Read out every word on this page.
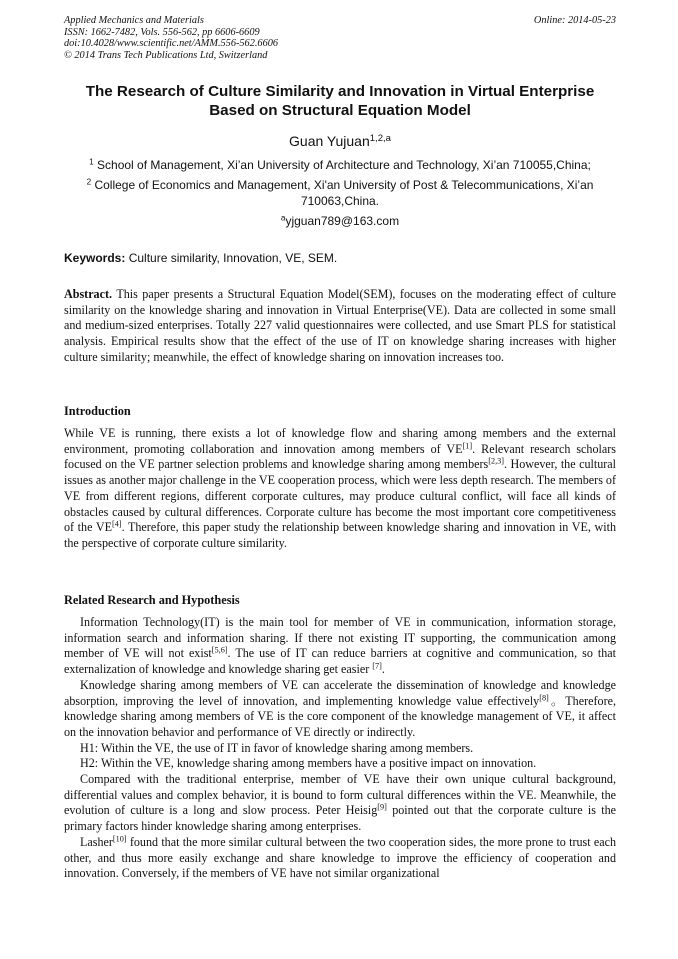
Applied Mechanics and Materials
ISSN: 1662-7482, Vols. 556-562, pp 6606-6609
doi:10.4028/www.scientific.net/AMM.556-562.6606
© 2014 Trans Tech Publications Ltd, Switzerland
Online: 2014-05-23
The Research of Culture Similarity and Innovation in Virtual Enterprise
Based on Structural Equation Model
Guan Yujuan$^{1,2,a}$
$^1$ School of Management, Xi’an University of Architecture and Technology, Xi’an 710055,China;
$^2$ College of Economics and Management, Xi'an University of Post & Telecommunications, Xi’an 710063,China.
$^a$yjguan789@163.com
Keywords: Culture similarity, Innovation, VE, SEM.

Abstract. This paper presents a Structural Equation Model(SEM), focuses on the moderating effect of culture similarity on the knowledge sharing and innovation in Virtual Enterprise(VE). Data are collected in some small and medium-sized enterprises. Totally 227 valid questionnaires were collected, and use Smart PLS for statistical analysis. Empirical results show that the effect of the use of IT on knowledge sharing increases with higher culture similarity; meanwhile, the effect of knowledge sharing on innovation increases too.

Introduction

While VE is running, there exists a lot of knowledge flow and sharing among members and the external environment, promoting collaboration and innovation among members of VE[1]. Relevant research scholars focused on the VE partner selection problems and knowledge sharing among members[2,3]. However, the cultural issues as another major challenge in the VE cooperation process, which were less depth research. The members of VE from different regions, different corporate cultures, may produce cultural conflict, will face all kinds of obstacles caused by cultural differences. Corporate culture has become the most important core competitiveness of the VE[4]. Therefore, this paper study the relationship between knowledge sharing and innovation in VE, with the perspective of corporate culture similarity.

Related Research and Hypothesis

Information Technology(IT) is the main tool for member of VE in communication, information storage, information search and information sharing. If there not existing IT supporting, the communication among member of VE will not exist[5,6]. The use of IT can reduce barriers at cognitive and communication, so that externalization of knowledge and knowledge sharing get easier [7].

Knowledge sharing among members of VE can accelerate the dissemination of knowledge and knowledge absorption, improving the level of innovation, and implementing knowledge value effectively[8]。Therefore, knowledge sharing among members of VE is the core component of the knowledge management of VE, it affect on the innovation behavior and performance of VE directly or indirectly.

H1: Within the VE, the use of IT in favor of knowledge sharing among members.

H2: Within the VE, knowledge sharing among members have a positive impact on innovation.

Compared with the traditional enterprise, member of VE have their own unique cultural background, differential values and complex behavior, it is bound to form cultural differences within the VE. Meanwhile, the evolution of culture is a long and slow process. Peter Heisig[9] pointed out that the corporate culture is the primary factors hinder knowledge sharing among enterprises.

Lasher[10] found that the more similar cultural between the two cooperation sides, the more prone to trust each other, and thus more easily exchange and share knowledge to improve the efficiency of cooperation and innovation. Conversely, if the members of VE have not similar organizational
